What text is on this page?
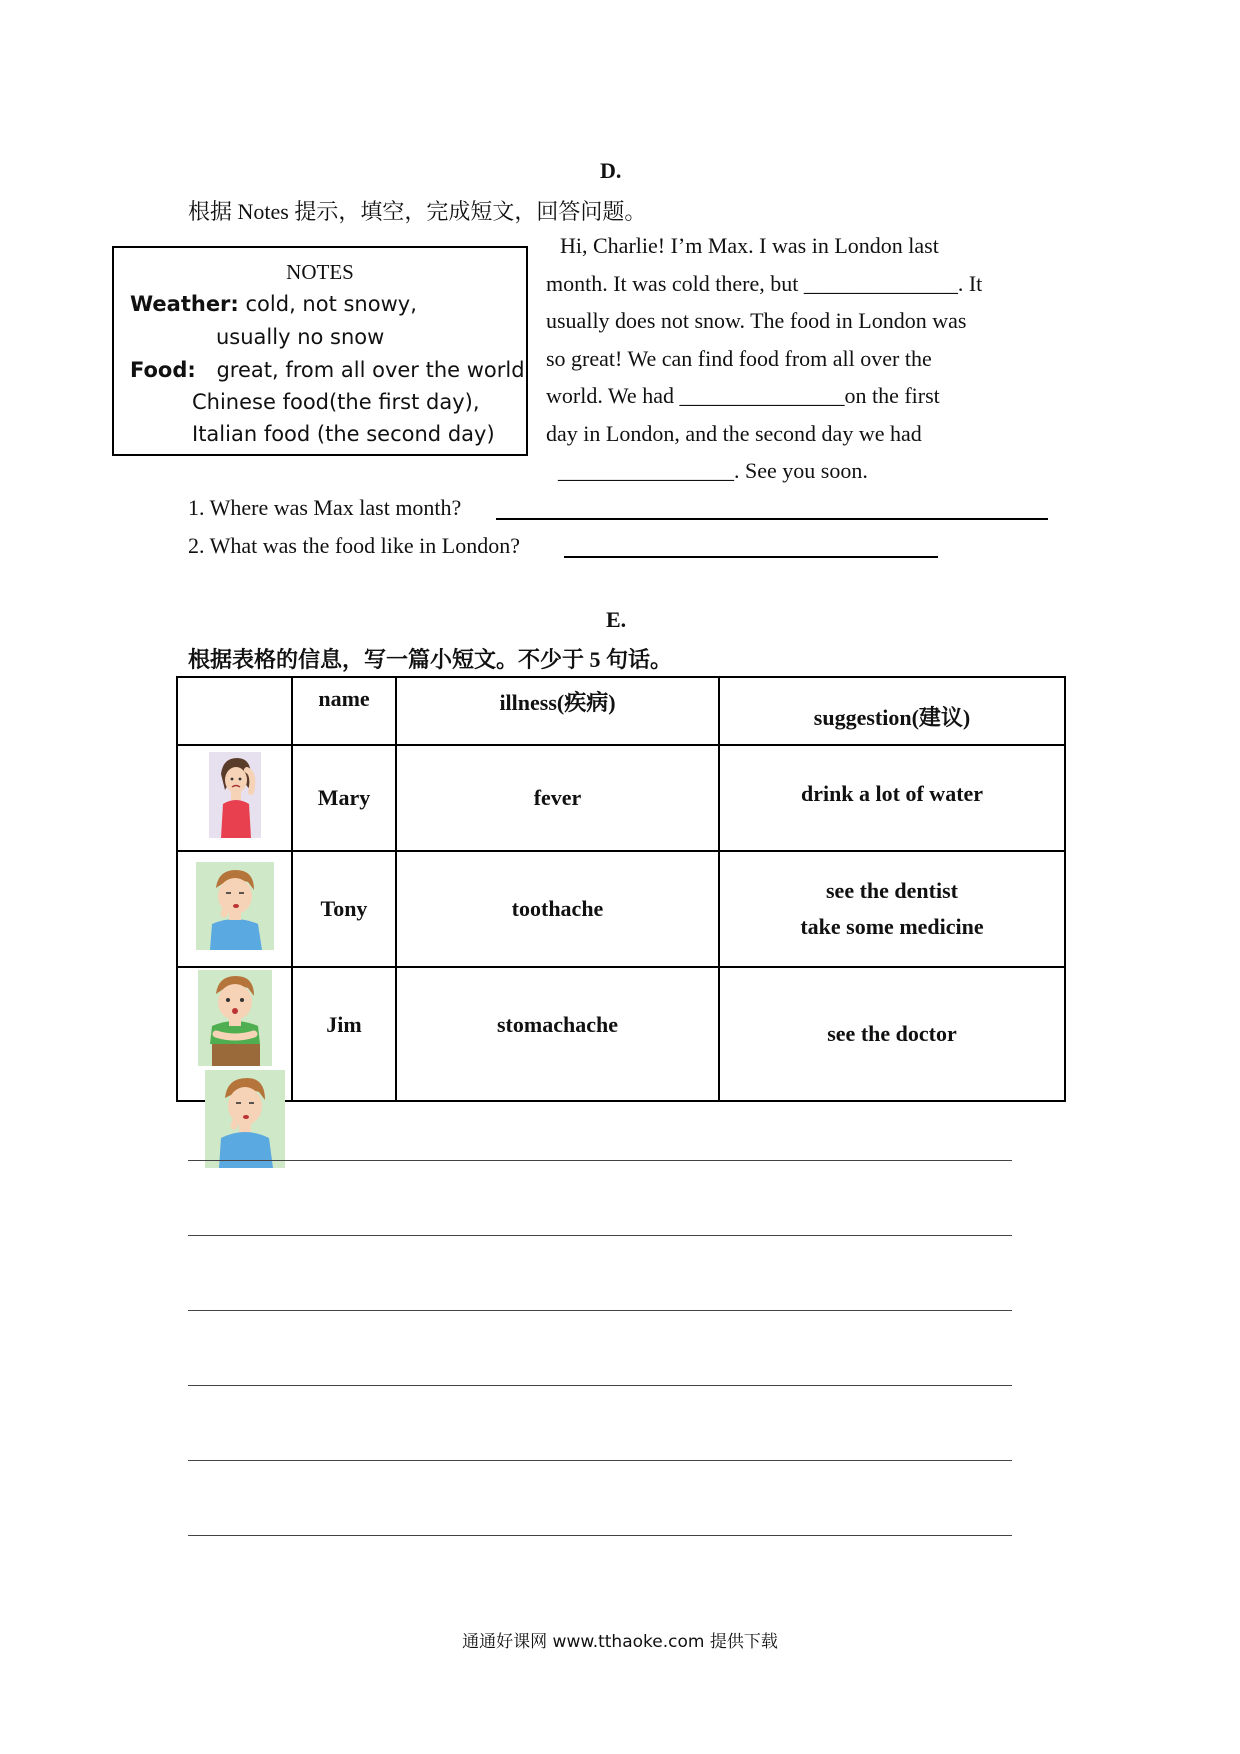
D.
根据 Notes 提示，填空，完成短文，回答问题。
NOTES
Weather: cold, not snowy,
usually no snow
Food: great, from all over the world
Chinese food(the first day),
Italian food (the second day)
Hi, Charlie! I’m Max. I was in London last
month. It was cold there, but ______________. It
usually does not snow. The food in London was
so great! We can find food from all over the
world. We had _______________on the first
day in London, and the second day we had
________________. See you soon.
1. Where was Max last month?
2. What was the food like in London?
E.
根据表格的信息，写一篇小短文。不少于 5 句话。
	name	illness(疾病)	suggestion(建议)
	Mary	fever	drink a lot of water

	Tony	toothache	see the dentist
take some medicine

	Jim	stomachache	see the doctor
通通好课网 www.tthaoke.com 提供下载
